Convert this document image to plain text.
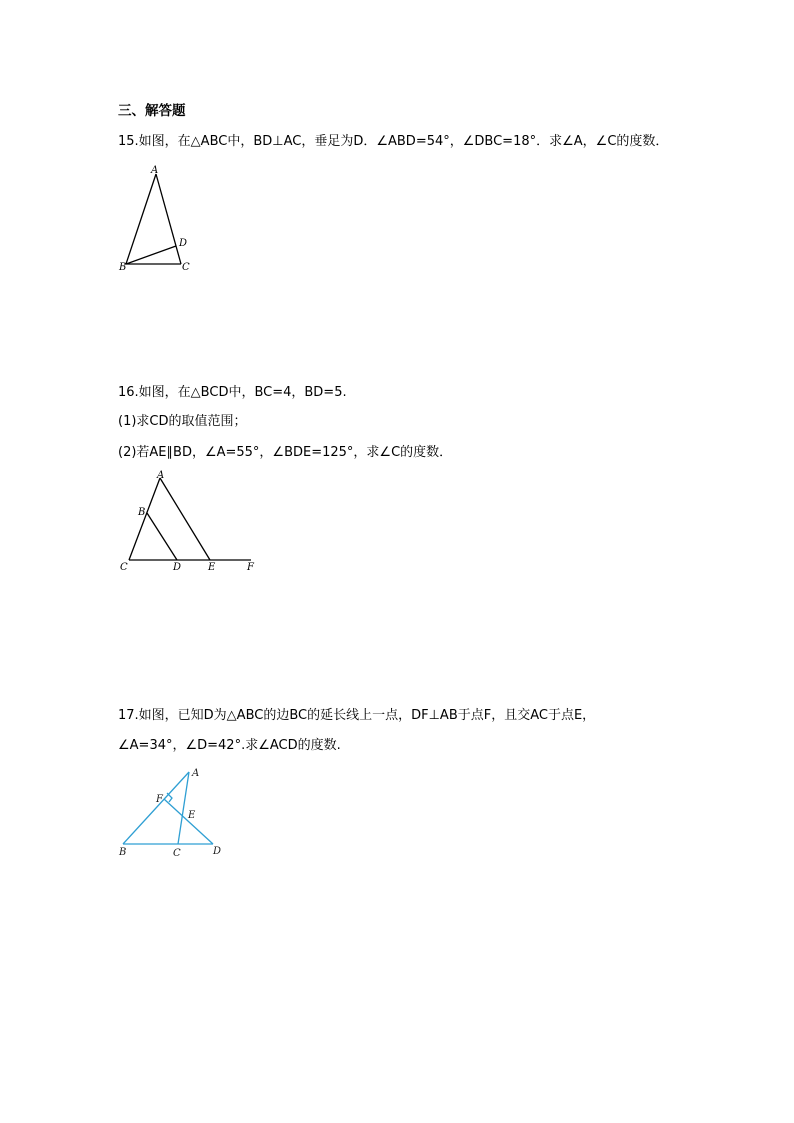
三、解答题
15.如图，在△ABC中，BD⊥AC，垂足为D．∠ABD=54°，∠DBC=18°．求∠A，∠C的度数．
A
B	C
D
16.如图，在△BCD中，BC=4，BD=5.
(1)求CD的取值范围；
(2)若AE∥BD，∠A=55°，∠BDE=125°，求∠C的度数．
A
B
C	D	E	F
17.如图，已知D为△ABC的边BC的延长线上一点，DF⊥AB于点F，且交AC于点E，
∠A=34°，∠D=42°.求∠ACD的度数.
A
F
E
B	C	D
